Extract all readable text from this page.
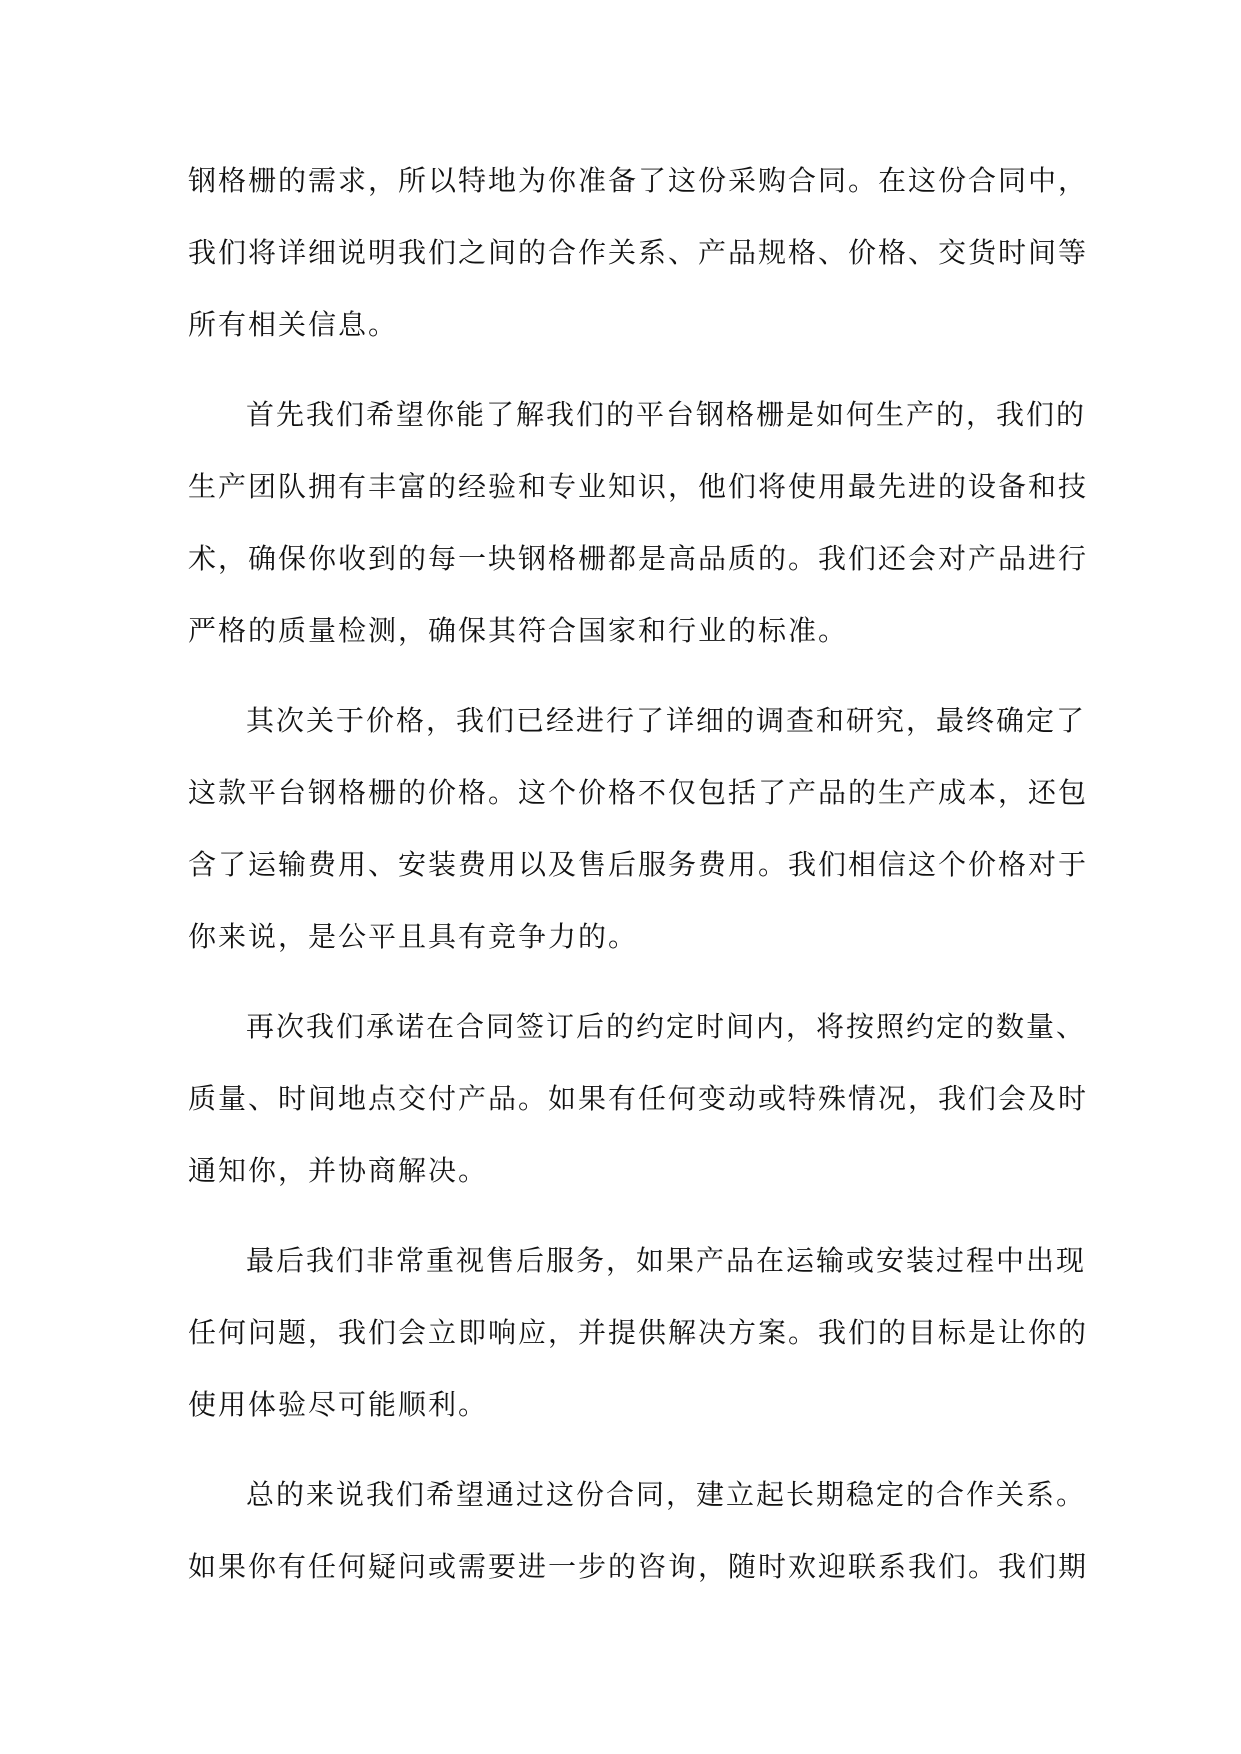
钢格栅的需求，所以特地为你准备了这份采购合同。在这份合同中，
我们将详细说明我们之间的合作关系、产品规格、价格、交货时间等
所有相关信息。
首先我们希望你能了解我们的平台钢格栅是如何生产的，我们的
生产团队拥有丰富的经验和专业知识，他们将使用最先进的设备和技
术，确保你收到的每一块钢格栅都是高品质的。我们还会对产品进行
严格的质量检测，确保其符合国家和行业的标准。
其次关于价格，我们已经进行了详细的调查和研究，最终确定了
这款平台钢格栅的价格。这个价格不仅包括了产品的生产成本，还包
含了运输费用、安装费用以及售后服务费用。我们相信这个价格对于
你来说，是公平且具有竞争力的。
再次我们承诺在合同签订后的约定时间内，将按照约定的数量、
质量、时间地点交付产品。如果有任何变动或特殊情况，我们会及时
通知你，并协商解决。
最后我们非常重视售后服务，如果产品在运输或安装过程中出现
任何问题，我们会立即响应，并提供解决方案。我们的目标是让你的
使用体验尽可能顺利。
总的来说我们希望通过这份合同，建立起长期稳定的合作关系。
如果你有任何疑问或需要进一步的咨询，随时欢迎联系我们。我们期
